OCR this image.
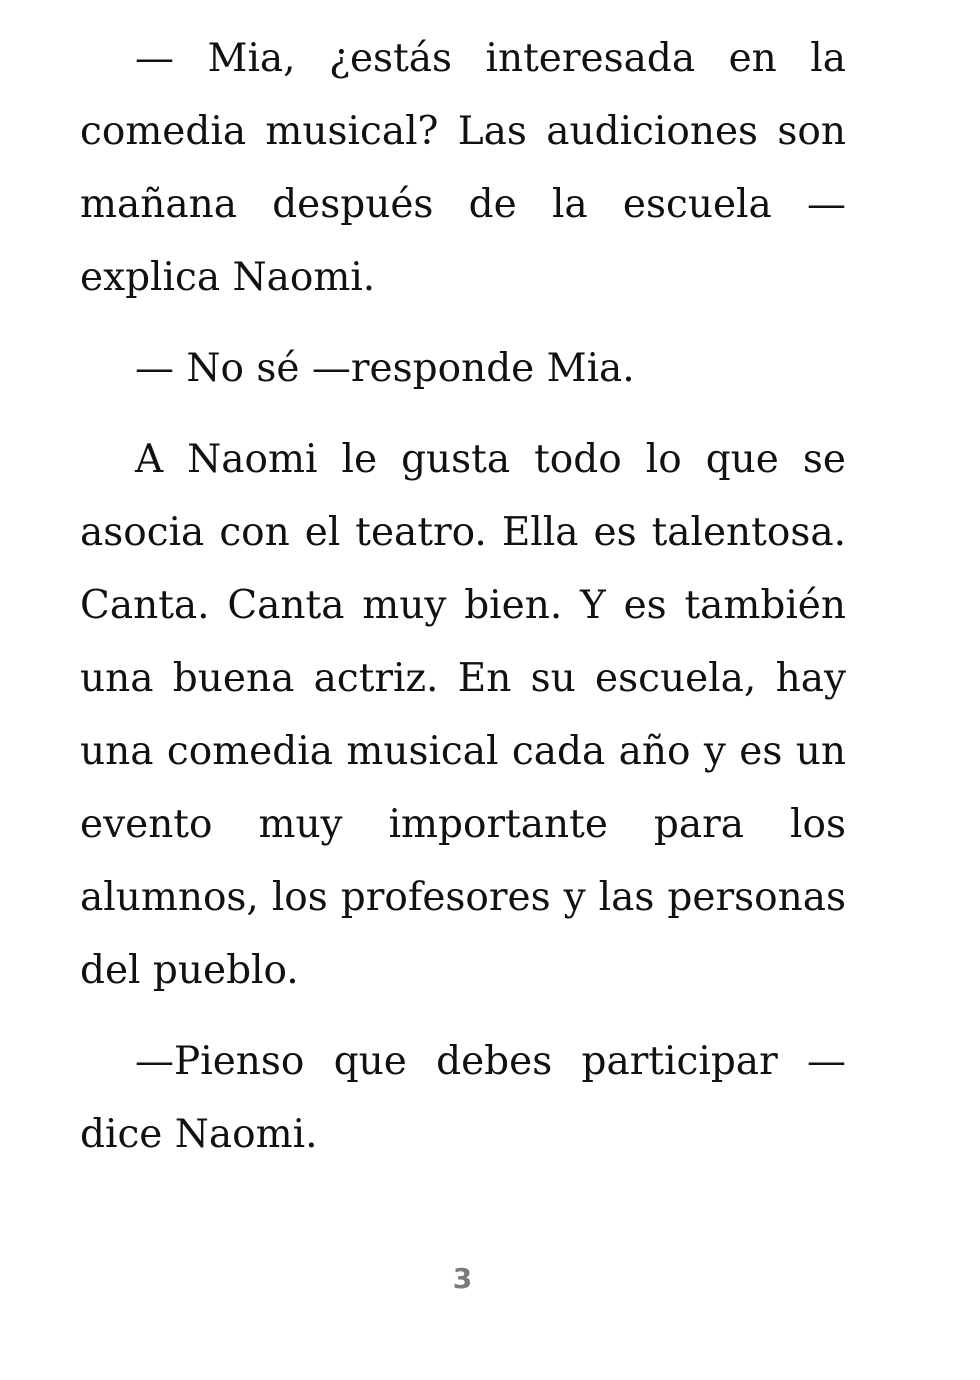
— Mia, ¿estás interesada en la comedia musical? Las audiciones son mañana después de la escuela —explica Naomi.

— No sé —responde Mia.

A Naomi le gusta todo lo que se asocia con el teatro. Ella es talentosa. Canta. Canta muy bien. Y es también una buena actriz. En su escuela, hay una comedia musical cada año y es un evento muy importante para los alumnos, los profesores y las personas del pueblo.

—Pienso que debes participar —dice Naomi.

3
